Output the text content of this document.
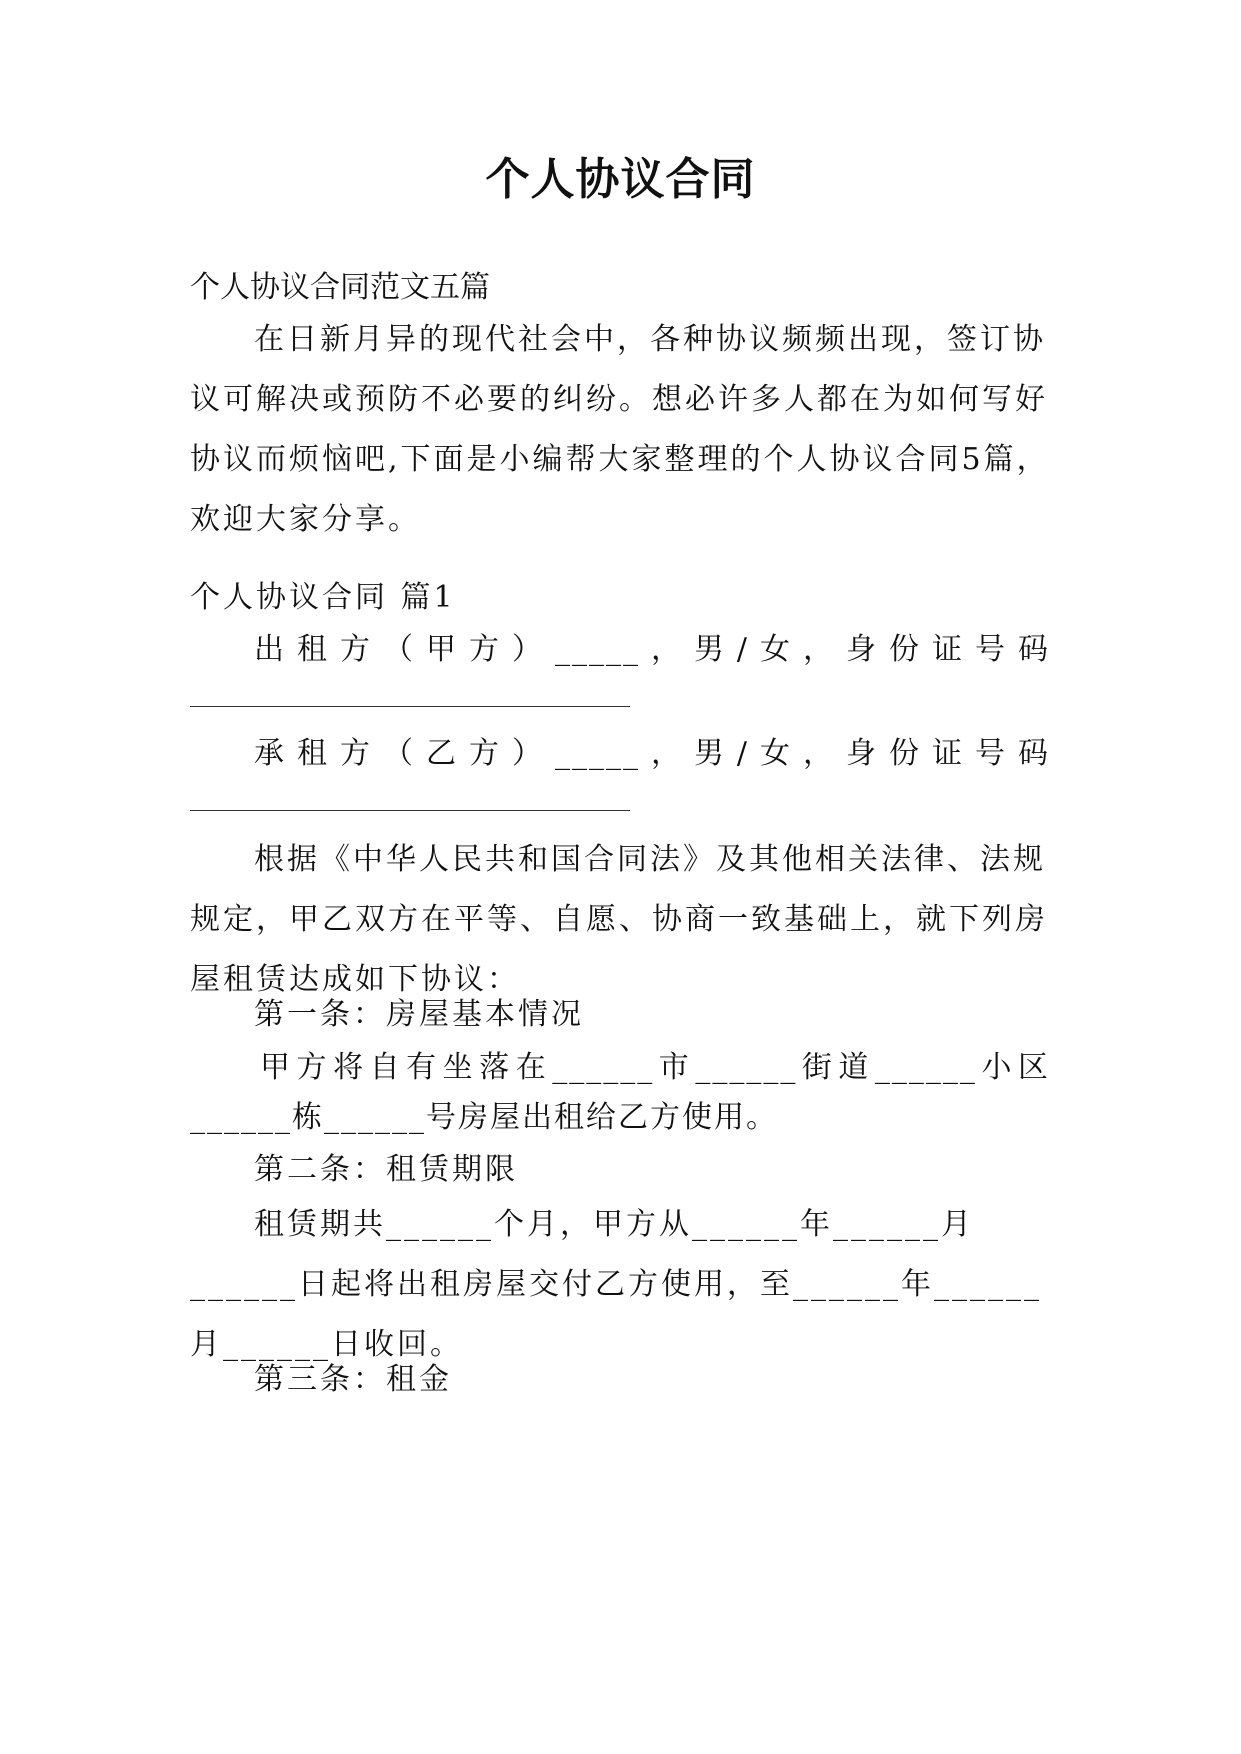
个人协议合同
个人协议合同范文五篇
在日新月异的现代社会中，各种协议频频出现，签订协议可解决或预防不必要的纠纷。想必许多人都在为如何写好协议而烦恼吧,下面是小编帮大家整理的个人协议合同5篇，欢迎大家分享。
个人协议合同 篇1
出租方（甲方）_____，男/女，身份证号码
承租方（乙方）_____，男/女，身份证号码
根据《中华人民共和国合同法》及其他相关法律、法规规定，甲乙双方在平等、自愿、协商一致基础上，就下列房屋租赁达成如下协议：
第一条：房屋基本情况
甲方将自有坐落在______市______街道______小区
______栋______号房屋出租给乙方使用。
第二条：租赁期限
租赁期共______个月，甲方从______年______月______日起将出租房屋交付乙方使用，至______年______月______日收回。
第三条：租金
